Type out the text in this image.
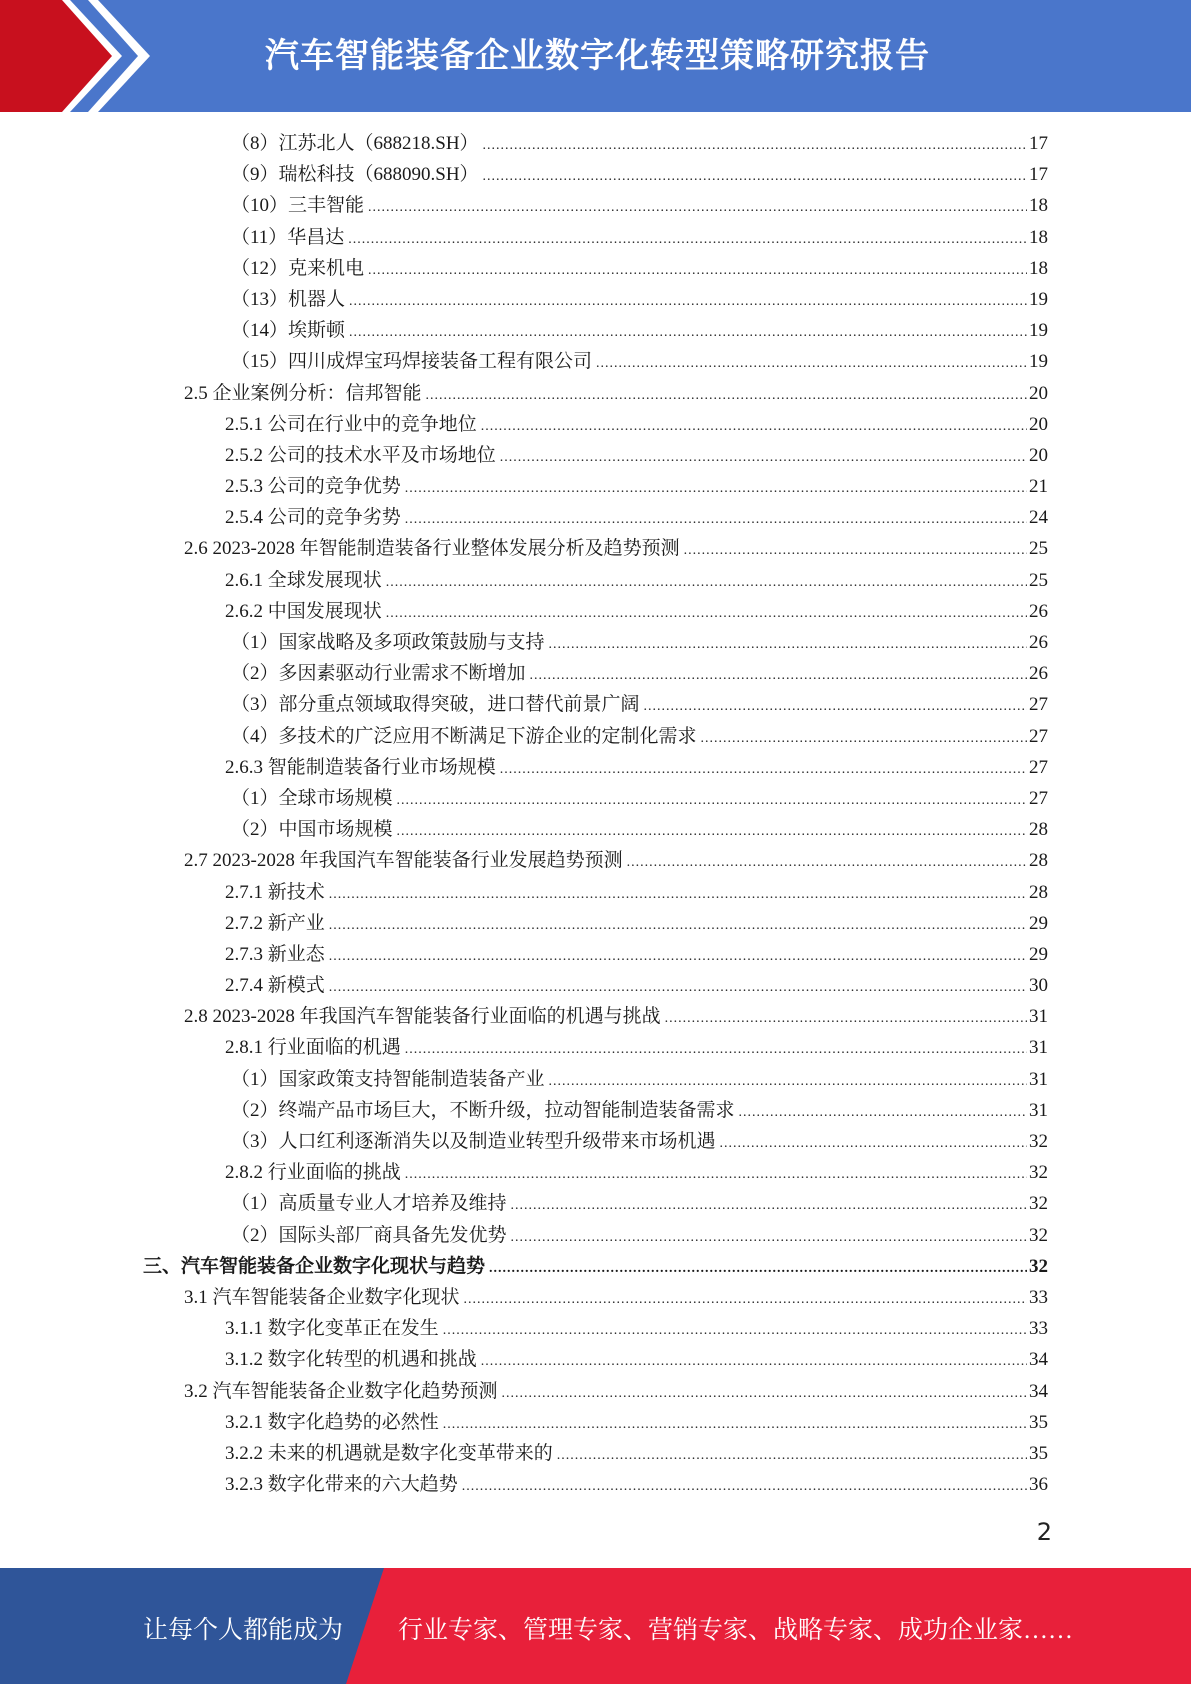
汽车智能装备企业数字化转型策略研究报告
（8）江苏北人（688218.SH） .....	17
（9）瑞松科技（688090.SH） .....	17
（10）三丰智能 .....	18
（11）华昌达 .....	18
（12）克来机电 .....	18
（13）机器人 .....	19
（14）埃斯顿 .....	19
（15）四川成焊宝玛焊接装备工程有限公司 .....	19
2.5 企业案例分析：信邦智能 .....	20
2.5.1 公司在行业中的竞争地位 .....	20
2.5.2 公司的技术水平及市场地位 .....	20
2.5.3 公司的竞争优势 .....	21
2.5.4 公司的竞争劣势 .....	24
2.6 2023-2028 年智能制造装备行业整体发展分析及趋势预测 .....	25
2.6.1 全球发展现状 .....	25
2.6.2 中国发展现状 .....	26
（1）国家战略及多项政策鼓励与支持 .....	26
（2）多因素驱动行业需求不断增加 .....	26
（3）部分重点领域取得突破，进口替代前景广阔 .....	27
（4）多技术的广泛应用不断满足下游企业的定制化需求 .....	27
2.6.3 智能制造装备行业市场规模 .....	27
（1）全球市场规模 .....	27
（2）中国市场规模 .....	28
2.7 2023-2028 年我国汽车智能装备行业发展趋势预测 .....	28
2.7.1 新技术 .....	28
2.7.2 新产业 .....	29
2.7.3 新业态 .....	29
2.7.4 新模式 .....	30
2.8 2023-2028 年我国汽车智能装备行业面临的机遇与挑战 .....	31
2.8.1 行业面临的机遇 .....	31
（1）国家政策支持智能制造装备产业 .....	31
（2）终端产品市场巨大，不断升级，拉动智能制造装备需求 .....	31
（3）人口红利逐渐消失以及制造业转型升级带来市场机遇 .....	32
2.8.2 行业面临的挑战 .....	32
（1）高质量专业人才培养及维持 .....	32
（2）国际头部厂商具备先发优势 .....	32
三、汽车智能装备企业数字化现状与趋势 .....	32
3.1 汽车智能装备企业数字化现状 .....	33
3.1.1 数字化变革正在发生 .....	33
3.1.2 数字化转型的机遇和挑战 .....	34
3.2 汽车智能装备企业数字化趋势预测 .....	34
3.2.1 数字化趋势的必然性 .....	35
3.2.2 未来的机遇就是数字化变革带来的 .....	35
3.2.3 数字化带来的六大趋势 .....	36
2
让每个人都能成为 行业专家、管理专家、营销专家、战略专家、成功企业家……
